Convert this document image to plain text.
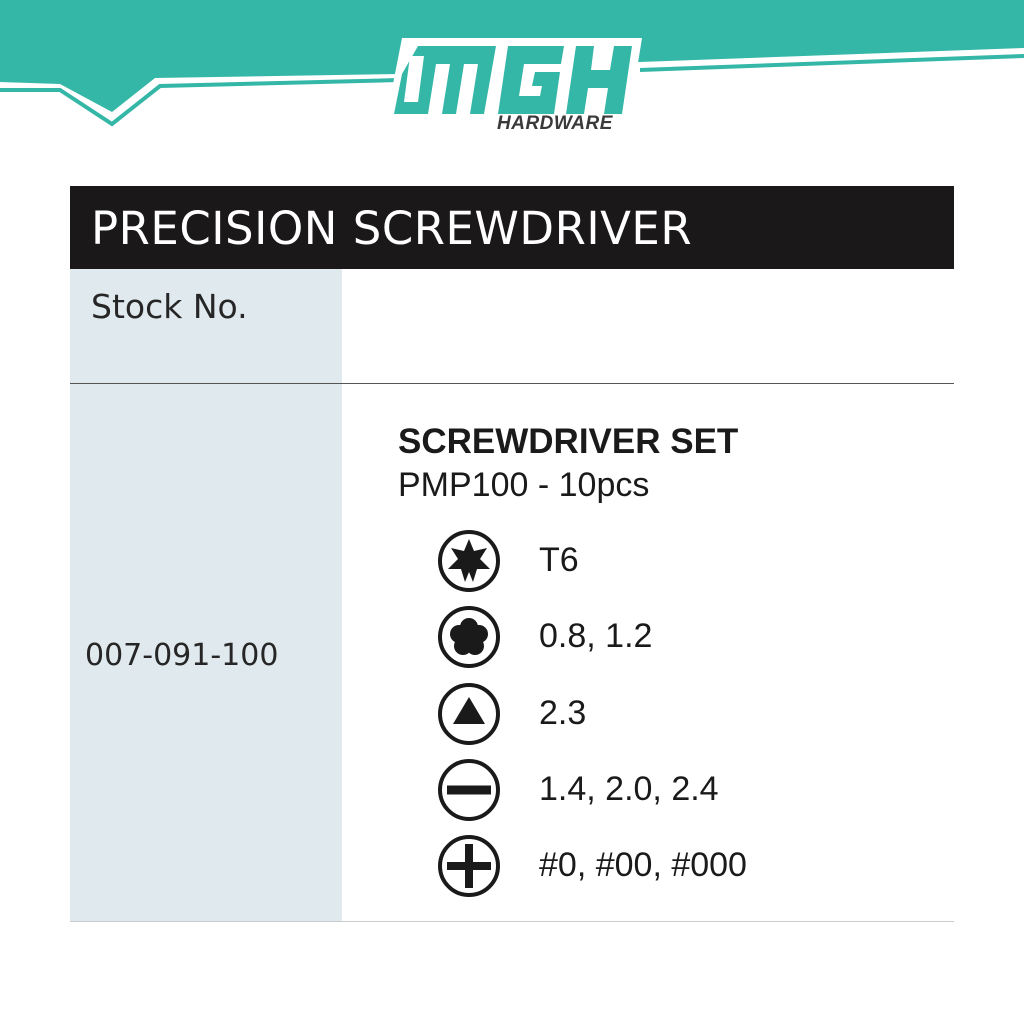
HARDWARE
PRECISION SCREWDRIVER
Stock No.
007-091-100
SCREWDRIVER SET
PMP100 - 10pcs
T6
0.8, 1.2
2.3
1.4, 2.0, 2.4
#0, #00, #000
